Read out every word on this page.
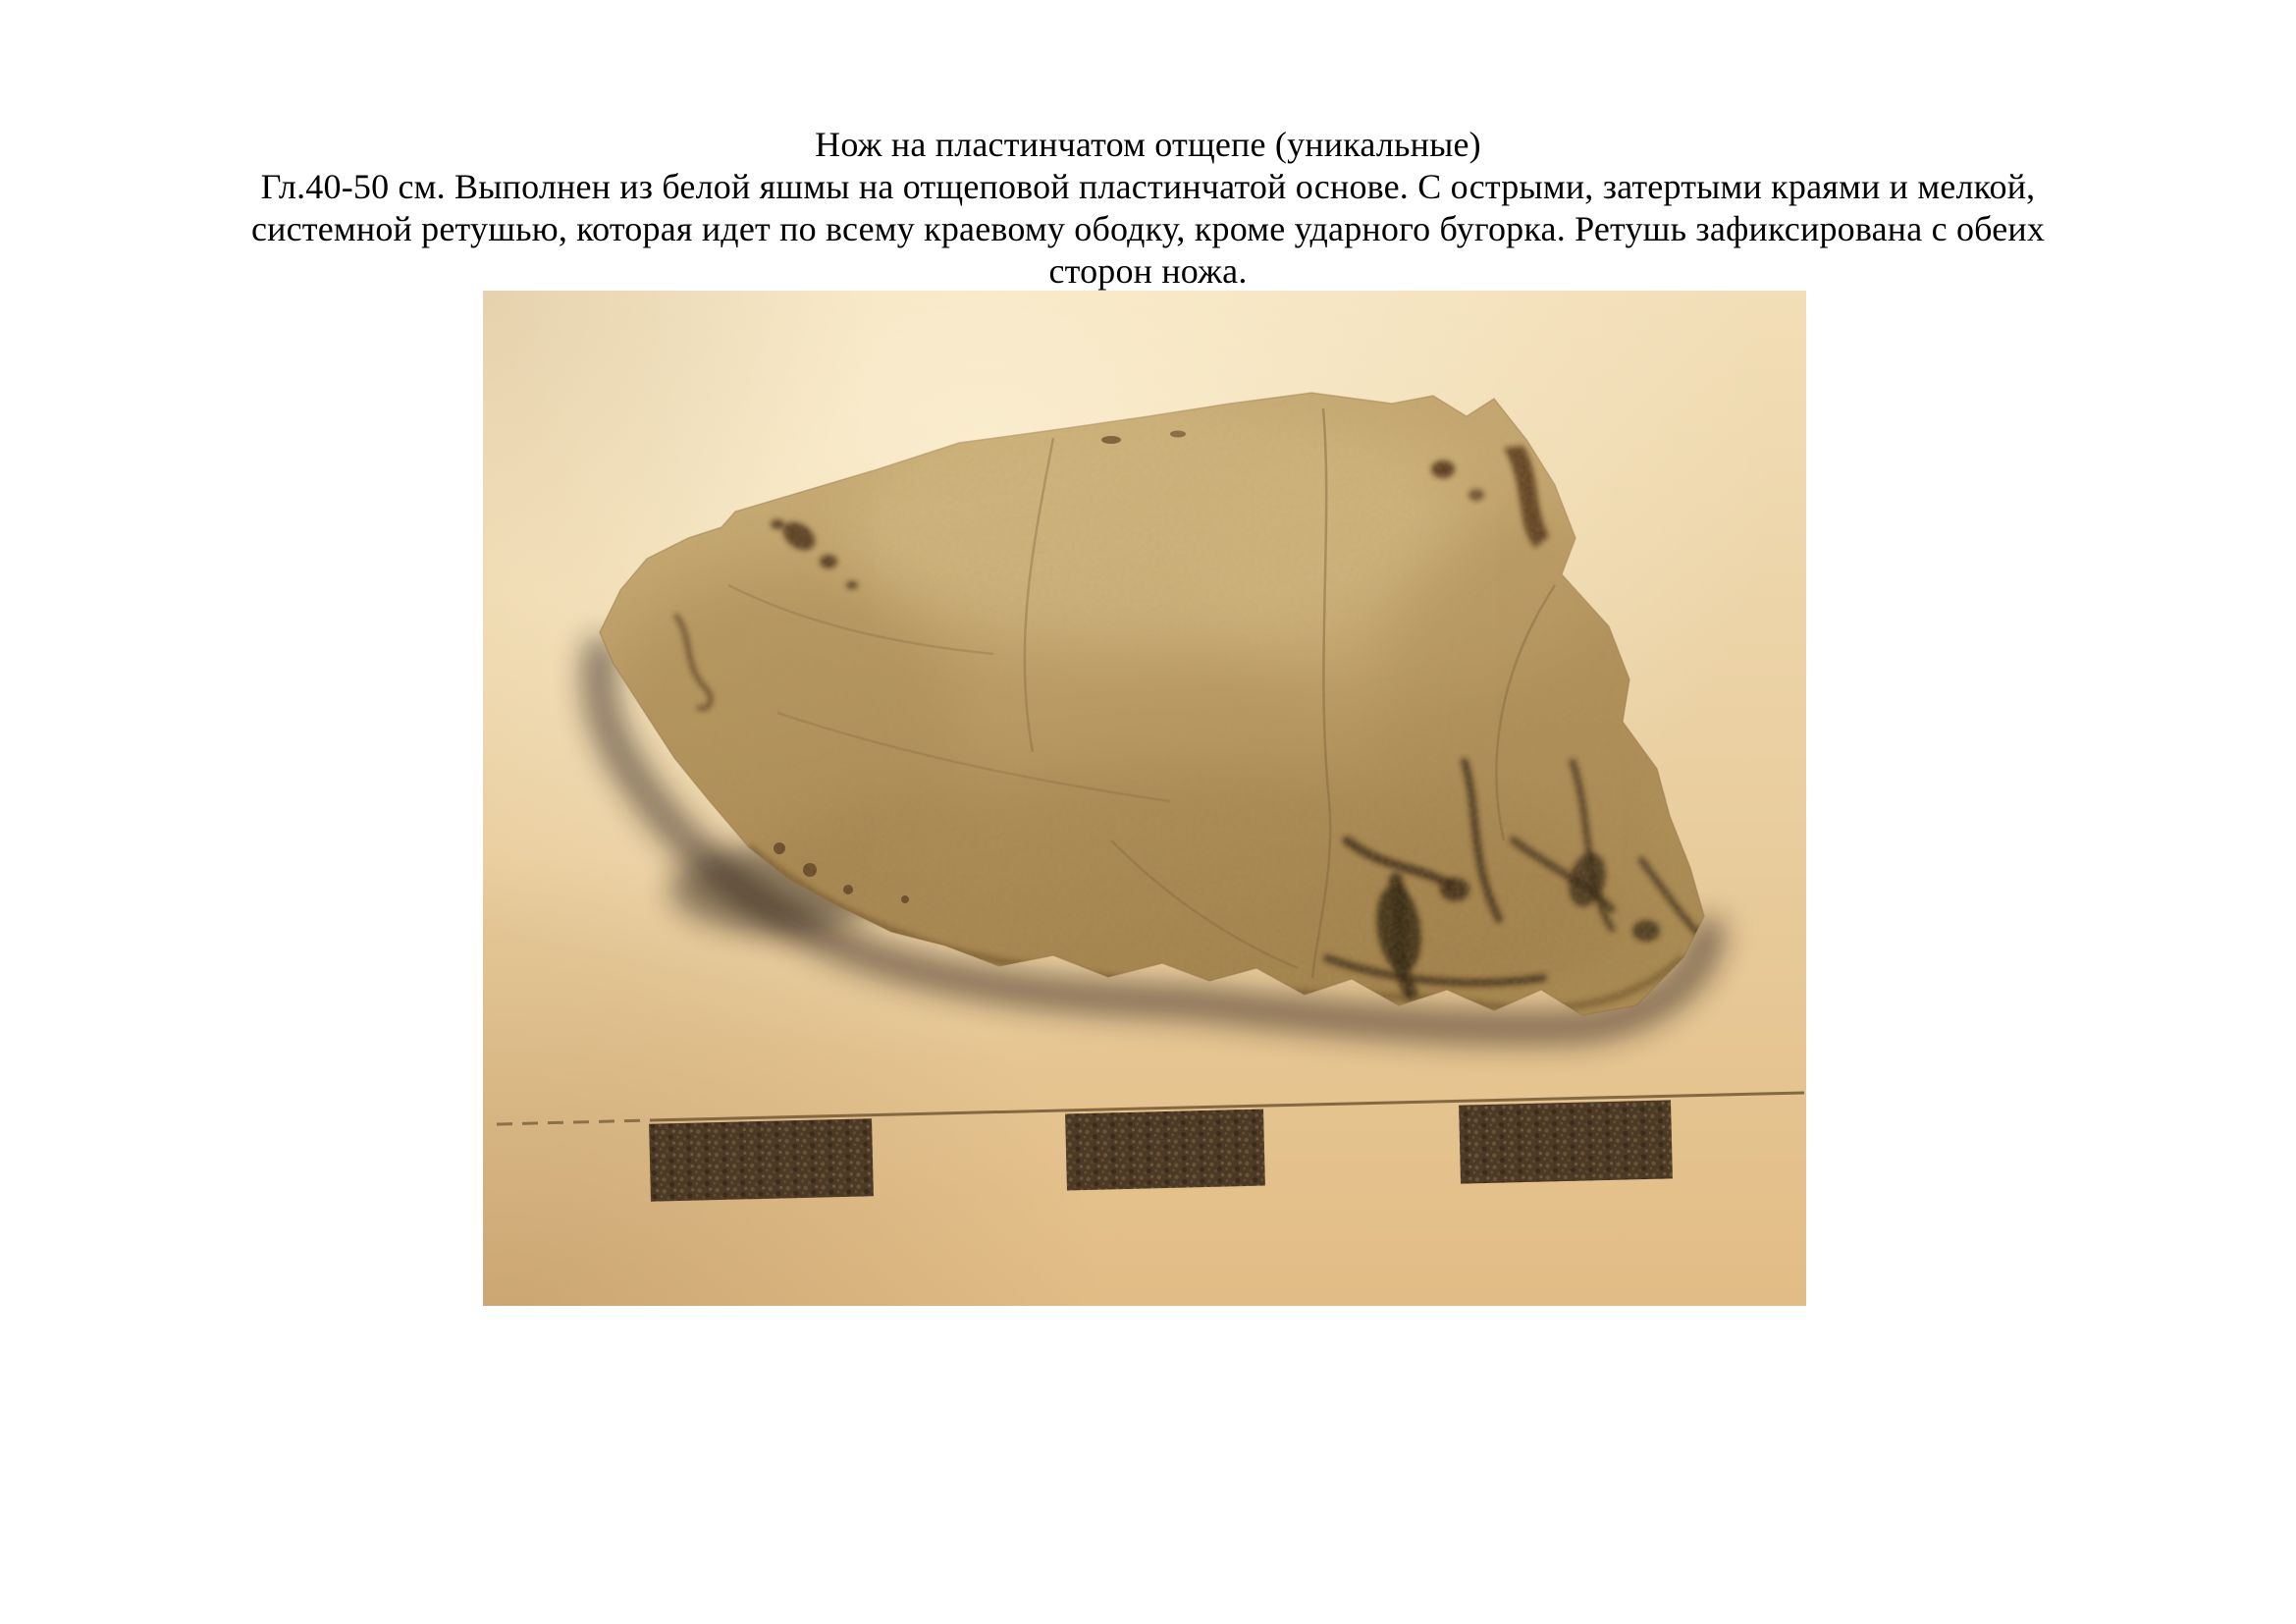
Нож на пластинчатом отщепе (уникальные)
Гл.40-50 см. Выполнен из белой яшмы на отщеповой пластинчатой основе. С острыми, затертыми краями и мелкой,
системной ретушью, которая идет по всему краевому ободку, кроме ударного бугорка. Ретушь зафиксирована с обеих
сторон ножа.
